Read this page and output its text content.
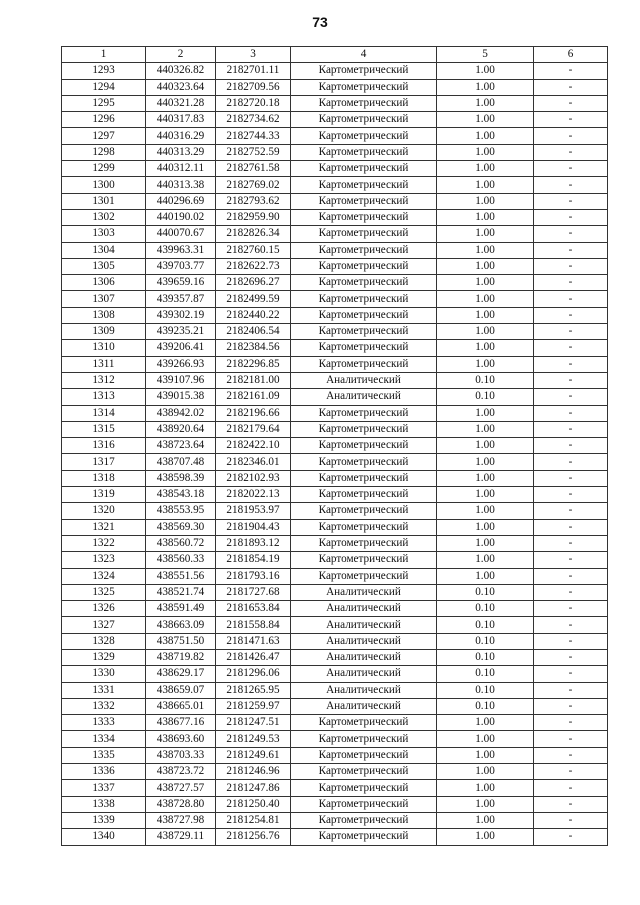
73
1	2	3	4	5	6
1293	440326.82	2182701.11	Картометрический	1.00	-
1294	440323.64	2182709.56	Картометрический	1.00	-
1295	440321.28	2182720.18	Картометрический	1.00	-
1296	440317.83	2182734.62	Картометрический	1.00	-
1297	440316.29	2182744.33	Картометрический	1.00	-
1298	440313.29	2182752.59	Картометрический	1.00	-
1299	440312.11	2182761.58	Картометрический	1.00	-
1300	440313.38	2182769.02	Картометрический	1.00	-
1301	440296.69	2182793.62	Картометрический	1.00	-
1302	440190.02	2182959.90	Картометрический	1.00	-
1303	440070.67	2182826.34	Картометрический	1.00	-
1304	439963.31	2182760.15	Картометрический	1.00	-
1305	439703.77	2182622.73	Картометрический	1.00	-
1306	439659.16	2182696.27	Картометрический	1.00	-
1307	439357.87	2182499.59	Картометрический	1.00	-
1308	439302.19	2182440.22	Картометрический	1.00	-
1309	439235.21	2182406.54	Картометрический	1.00	-
1310	439206.41	2182384.56	Картометрический	1.00	-
1311	439266.93	2182296.85	Картометрический	1.00	-
1312	439107.96	2182181.00	Аналитический	0.10	-
1313	439015.38	2182161.09	Аналитический	0.10	-
1314	438942.02	2182196.66	Картометрический	1.00	-
1315	438920.64	2182179.64	Картометрический	1.00	-
1316	438723.64	2182422.10	Картометрический	1.00	-
1317	438707.48	2182346.01	Картометрический	1.00	-
1318	438598.39	2182102.93	Картометрический	1.00	-
1319	438543.18	2182022.13	Картометрический	1.00	-
1320	438553.95	2181953.97	Картометрический	1.00	-
1321	438569.30	2181904.43	Картометрический	1.00	-
1322	438560.72	2181893.12	Картометрический	1.00	-
1323	438560.33	2181854.19	Картометрический	1.00	-
1324	438551.56	2181793.16	Картометрический	1.00	-
1325	438521.74	2181727.68	Аналитический	0.10	-
1326	438591.49	2181653.84	Аналитический	0.10	-
1327	438663.09	2181558.84	Аналитический	0.10	-
1328	438751.50	2181471.63	Аналитический	0.10	-
1329	438719.82	2181426.47	Аналитический	0.10	-
1330	438629.17	2181296.06	Аналитический	0.10	-
1331	438659.07	2181265.95	Аналитический	0.10	-
1332	438665.01	2181259.97	Аналитический	0.10	-
1333	438677.16	2181247.51	Картометрический	1.00	-
1334	438693.60	2181249.53	Картометрический	1.00	-
1335	438703.33	2181249.61	Картометрический	1.00	-
1336	438723.72	2181246.96	Картометрический	1.00	-
1337	438727.57	2181247.86	Картометрический	1.00	-
1338	438728.80	2181250.40	Картометрический	1.00	-
1339	438727.98	2181254.81	Картометрический	1.00	-
1340	438729.11	2181256.76	Картометрический	1.00	-
